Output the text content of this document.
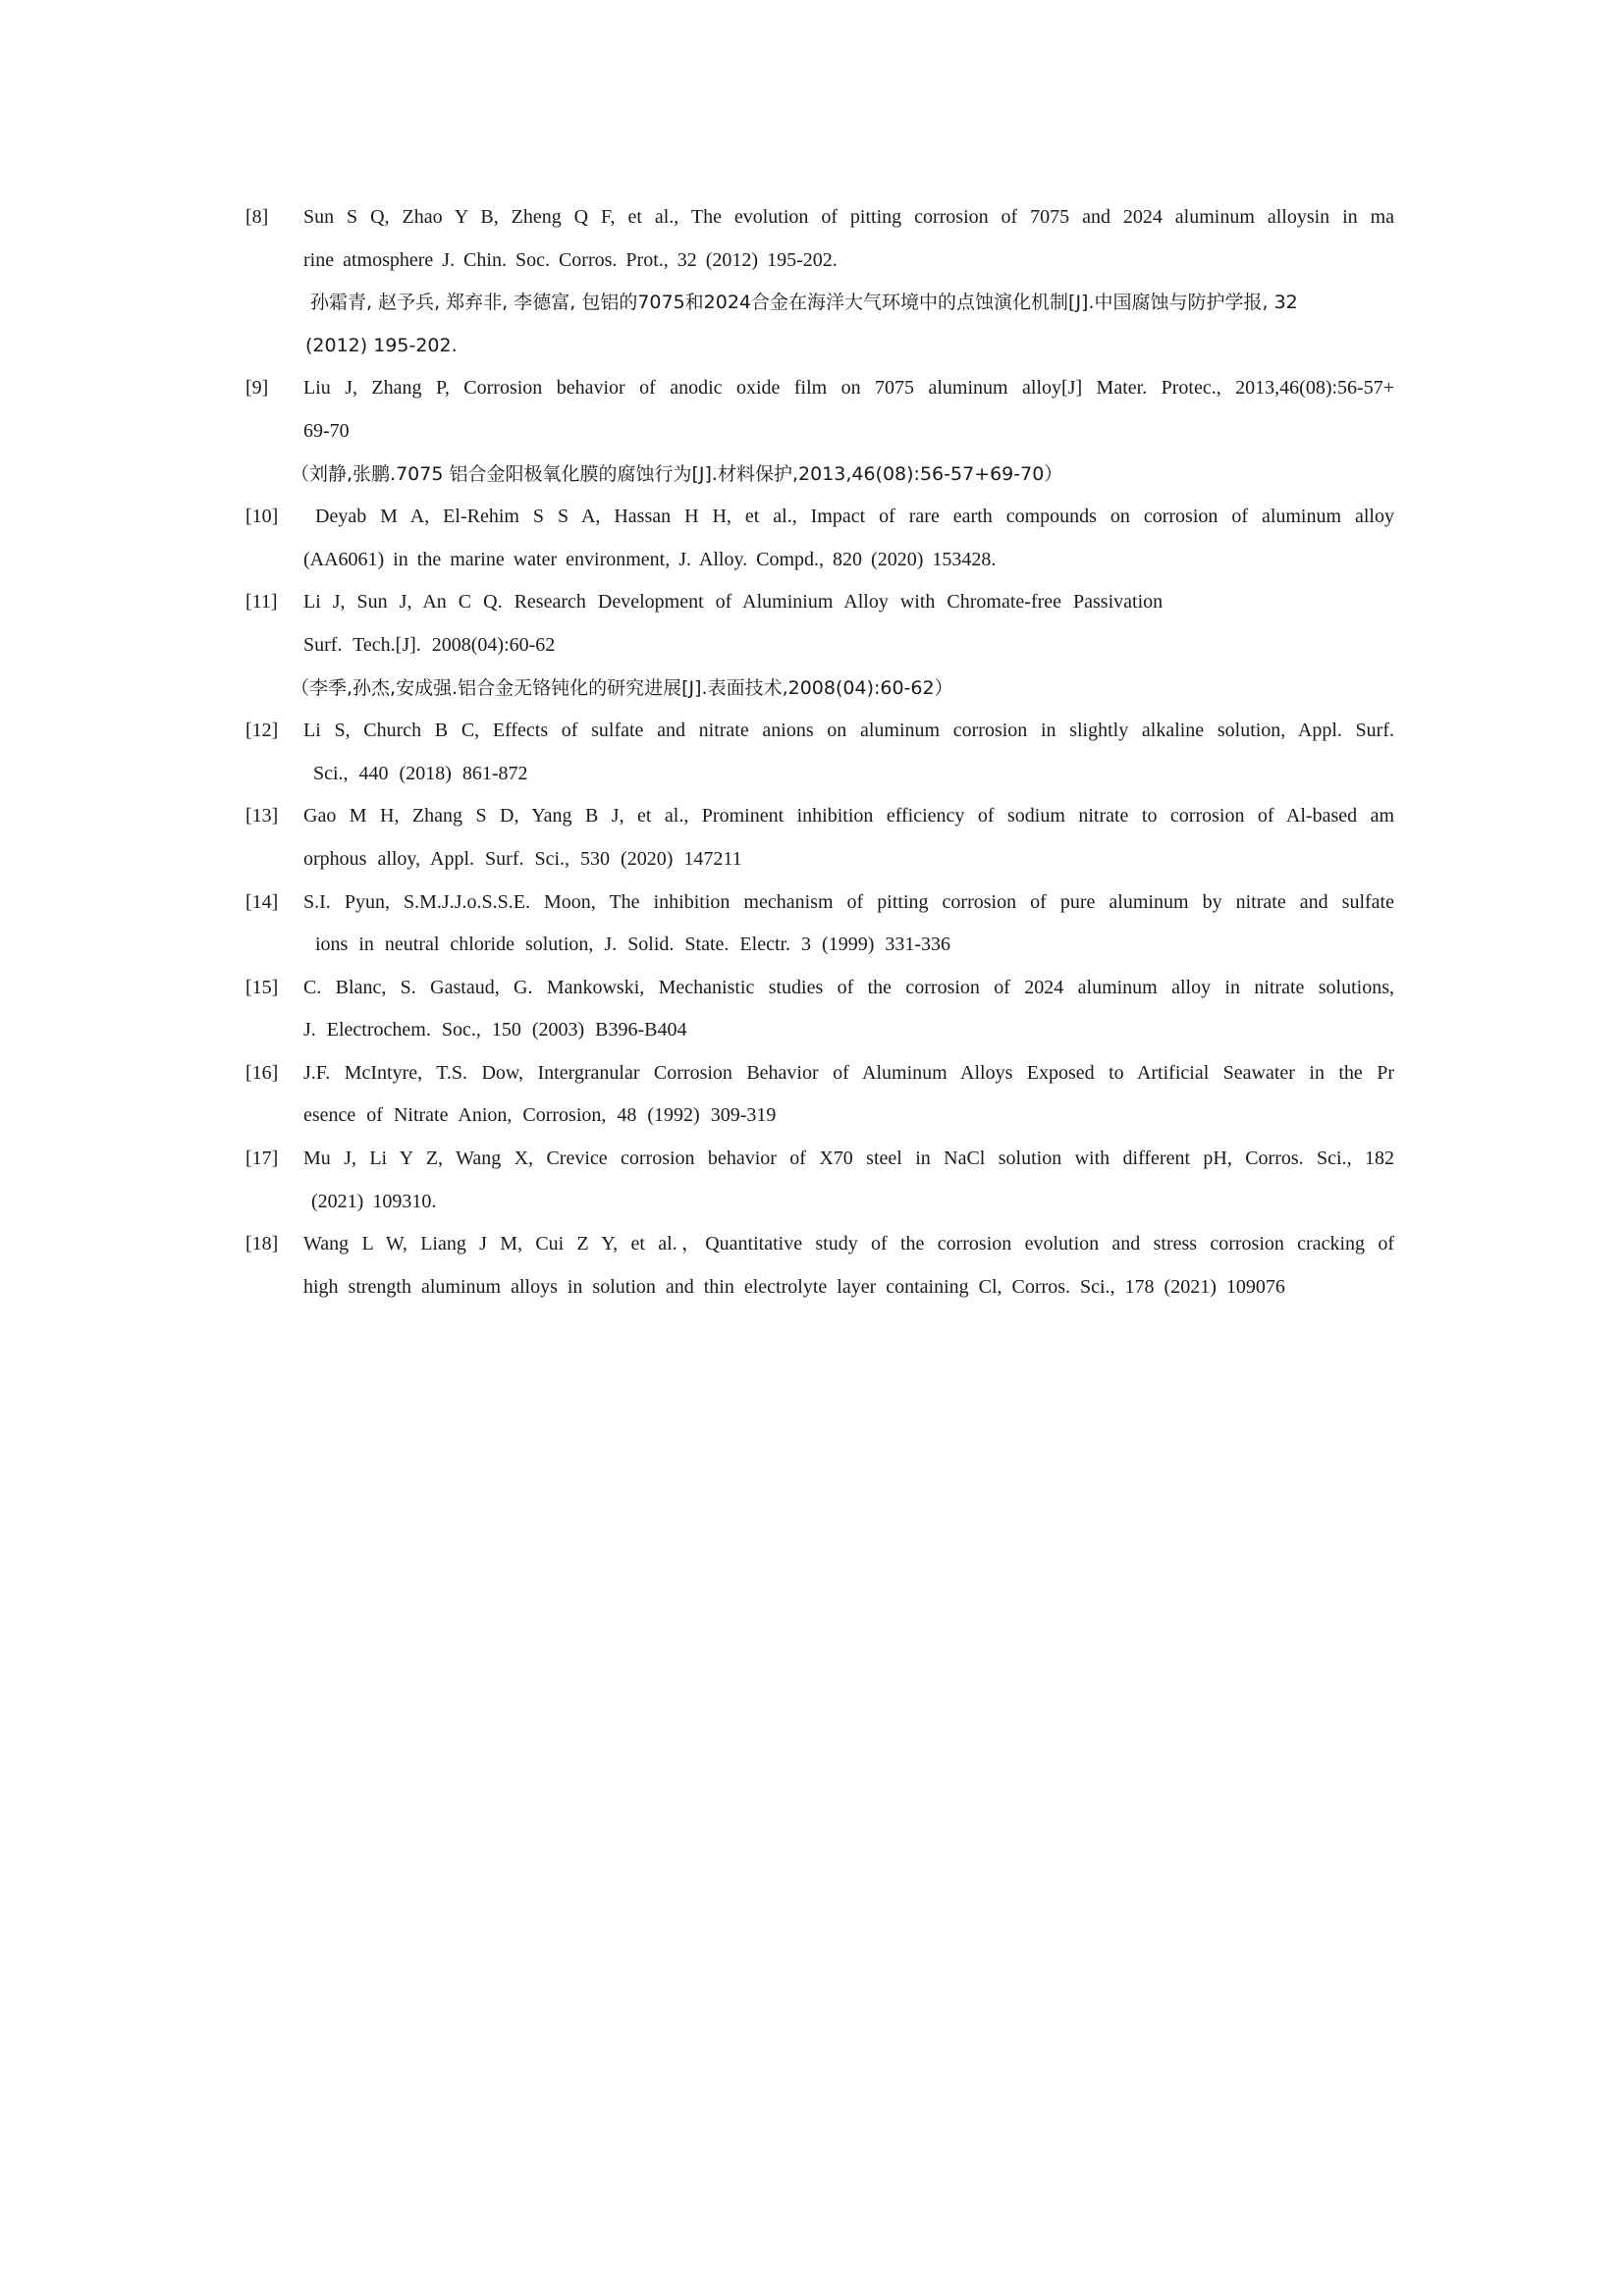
[8] Sun S Q, Zhao Y B, Zheng Q F, et al., The evolution of pitting corrosion of 7075 and 2024 aluminum alloysin in ma
rine atmosphere J. Chin. Soc. Corros. Prot., 32 (2012) 195-202.
孙霜青, 赵予兵, 郑弃非, 李德富, 包铝的7075和2024合金在海洋大气环境中的点蚀演化机制[J].中国腐蚀与防护学报, 32
(2012) 195-202.
[9] Liu J, Zhang P, Corrosion behavior of anodic oxide film on 7075 aluminum alloy[J] Mater. Protec., 2013,46(08):56-57+
69-70
（刘静,张鹏.7075 铝合金阳极氧化膜的腐蚀行为[J].材料保护,2013,46(08):56-57+69-70）
[10]	Deyab M A, El-Rehim S S A, Hassan H H, et al., Impact of rare earth compounds on corrosion of aluminum alloy
(AA6061) in the marine water environment, J. Alloy. Compd., 820 (2020) 153428.
[11] Li J, Sun J, An C Q. Research Development of Aluminium Alloy with Chromate-free Passivation
Surf. Tech.[J]. 2008(04):60-62
（李季,孙杰,安成强.铝合金无铬钝化的研究进展[J].表面技术,2008(04):60-62）
[12] Li S, Church B C, Effects of sulfate and nitrate anions on aluminum corrosion in slightly alkaline solution, Appl. Surf.
Sci., 440 (2018) 861-872
[13] Gao M H, Zhang S D, Yang B J, et al., Prominent inhibition efficiency of sodium nitrate to corrosion of Al-based am
orphous alloy, Appl. Surf. Sci., 530 (2020) 147211
[14] S.I. Pyun, S.M.J.J.o.S.S.E. Moon, The inhibition mechanism of pitting corrosion of pure aluminum by nitrate and sulfate
ions in neutral chloride solution, J. Solid. State. Electr. 3 (1999) 331-336
[15] C. Blanc, S. Gastaud, G. Mankowski, Mechanistic studies of the corrosion of 2024 aluminum alloy in nitrate solutions,
J. Electrochem. Soc., 150 (2003) B396-B404
[16] J.F. McIntyre, T.S. Dow, Intergranular Corrosion Behavior of Aluminum Alloys Exposed to Artificial Seawater in the Pr
esence of Nitrate Anion, Corrosion, 48 (1992) 309-319
[17] Mu J, Li Y Z, Wang X, Crevice corrosion behavior of X70 steel in NaCl solution with different pH, Corros. Sci., 182
(2021) 109310.
[18] Wang L W, Liang J M, Cui Z Y, et al.，Quantitative study of the corrosion evolution and stress corrosion cracking of
high strength aluminum alloys in solution and thin electrolyte layer containing Cl, Corros. Sci., 178 (2021) 109076
